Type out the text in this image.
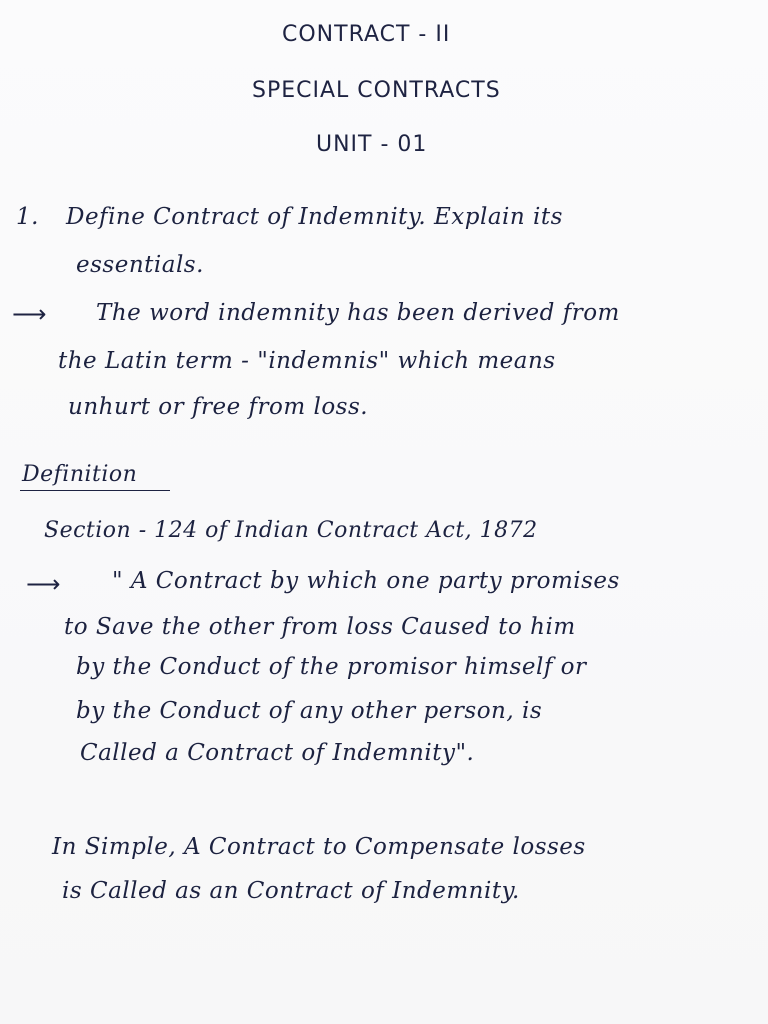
CONTRACT - II
SPECIAL CONTRACTS
UNIT - 01
1. Define Contract of Indemnity. Explain its
essentials.
⟶ The word indemnity has been derived from
the Latin term - "indemnis" which means
unhurt or free from loss.
Definition
Section - 124 of Indian Contract Act, 1872
⟶ " A Contract by which one party promises
to Save the other from loss Caused to him
by the Conduct of the promisor himself or
by the Conduct of any other person, is
Called a Contract of Indemnity".
In Simple, A Contract to Compensate losses
is Called as an Contract of Indemnity.
